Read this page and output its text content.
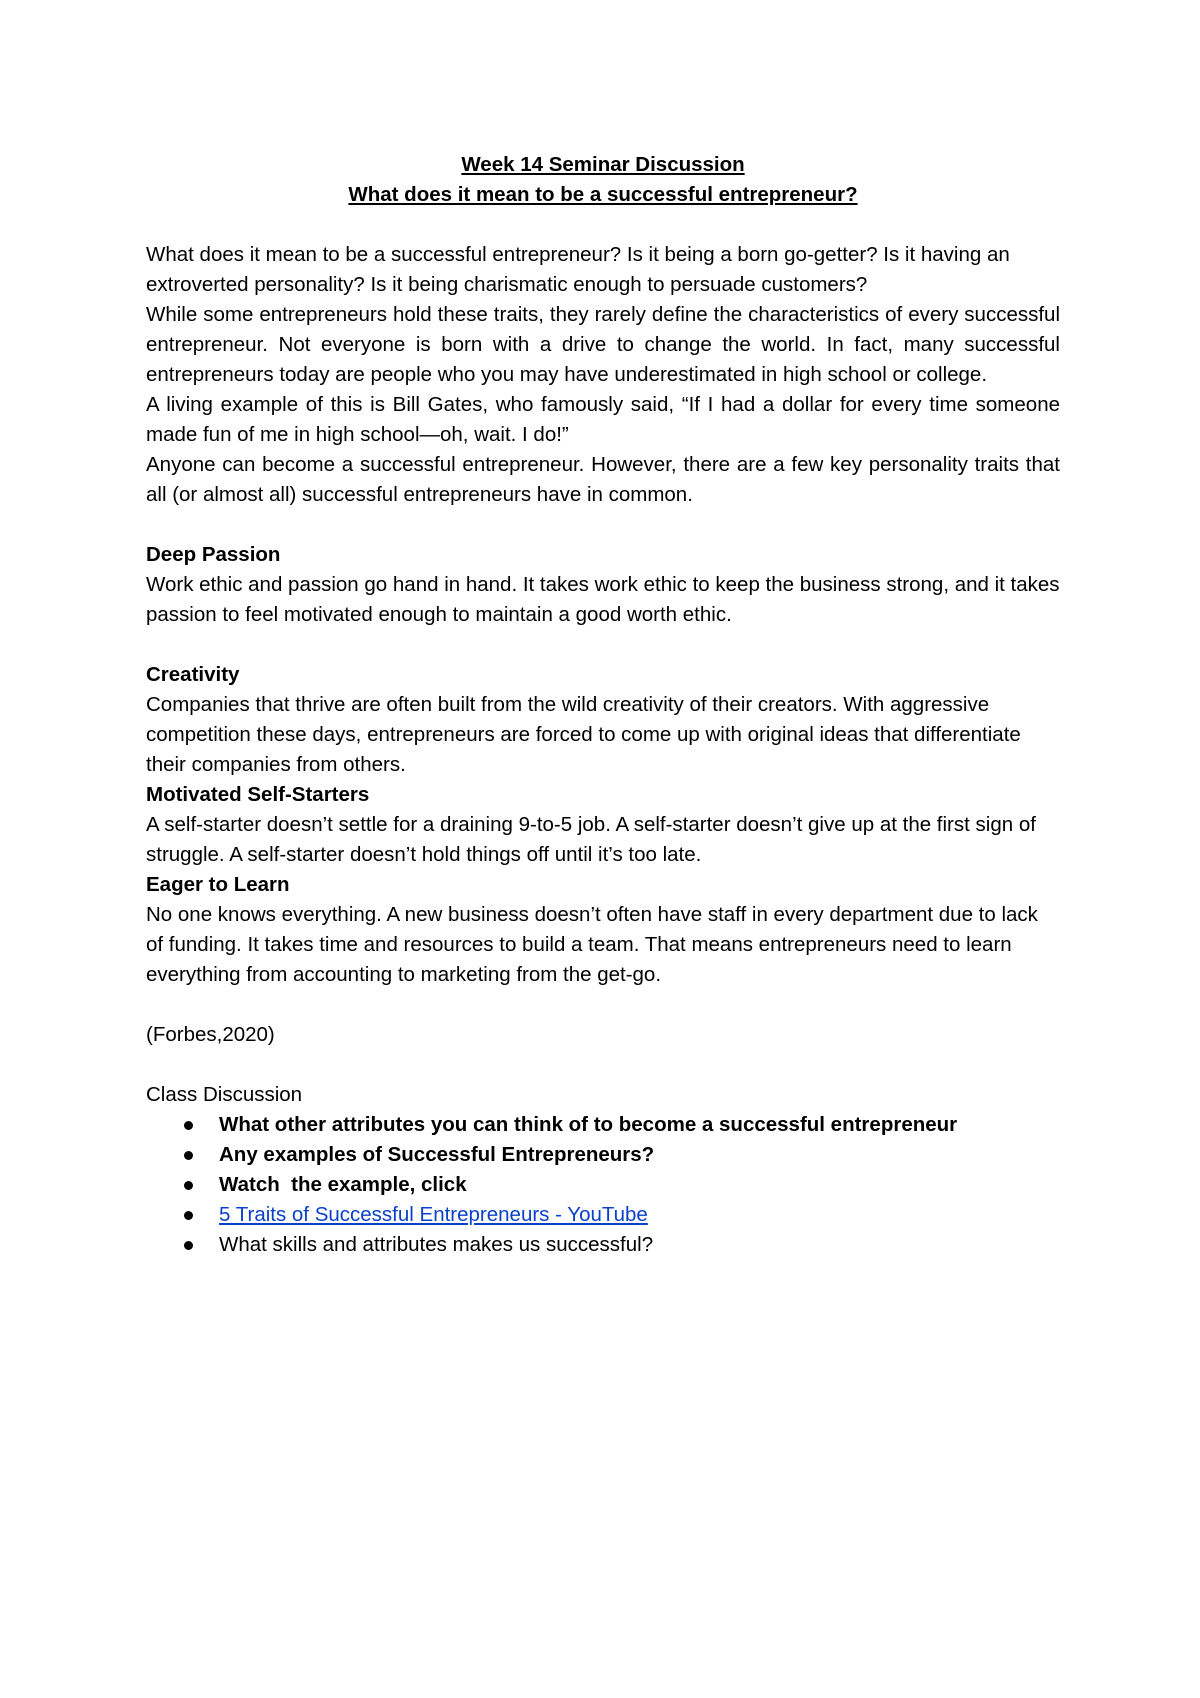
Week 14 Seminar Discussion

What does it mean to be a successful entrepreneur?

What does it mean to be a successful entrepreneur? Is it being a born go-getter? Is it having an extroverted personality? Is it being charismatic enough to persuade customers?

While some entrepreneurs hold these traits, they rarely define the characteristics of every successful entrepreneur. Not everyone is born with a drive to change the world. In fact, many successful entrepreneurs today are people who you may have underestimated in high school or college.

A living example of this is Bill Gates, who famously said, “If I had a dollar for every time someone made fun of me in high school—oh, wait. I do!”

Anyone can become a successful entrepreneur. However, there are a few key personality traits that all (or almost all) successful entrepreneurs have in common.

Deep Passion

Work ethic and passion go hand in hand. It takes work ethic to keep the business strong, and it takes passion to feel motivated enough to maintain a good worth ethic.

Creativity

Companies that thrive are often built from the wild creativity of their creators. With aggressive competition these days, entrepreneurs are forced to come up with original ideas that differentiate their companies from others.

Motivated Self-Starters

A self-starter doesn’t settle for a draining 9-to-5 job. A self-starter doesn’t give up at the first sign of struggle. A self-starter doesn’t hold things off until it’s too late.

Eager to Learn

No one knows everything. A new business doesn’t often have staff in every department due to lack of funding. It takes time and resources to build a team. That means entrepreneurs need to learn everything from accounting to marketing from the get-go.

(Forbes,2020)

Class Discussion

What other attributes you can think of to become a successful entrepreneur
Any examples of Successful Entrepreneurs?
Watch  the example, click
5 Traits of Successful Entrepreneurs - YouTube
What skills and attributes makes us successful?
